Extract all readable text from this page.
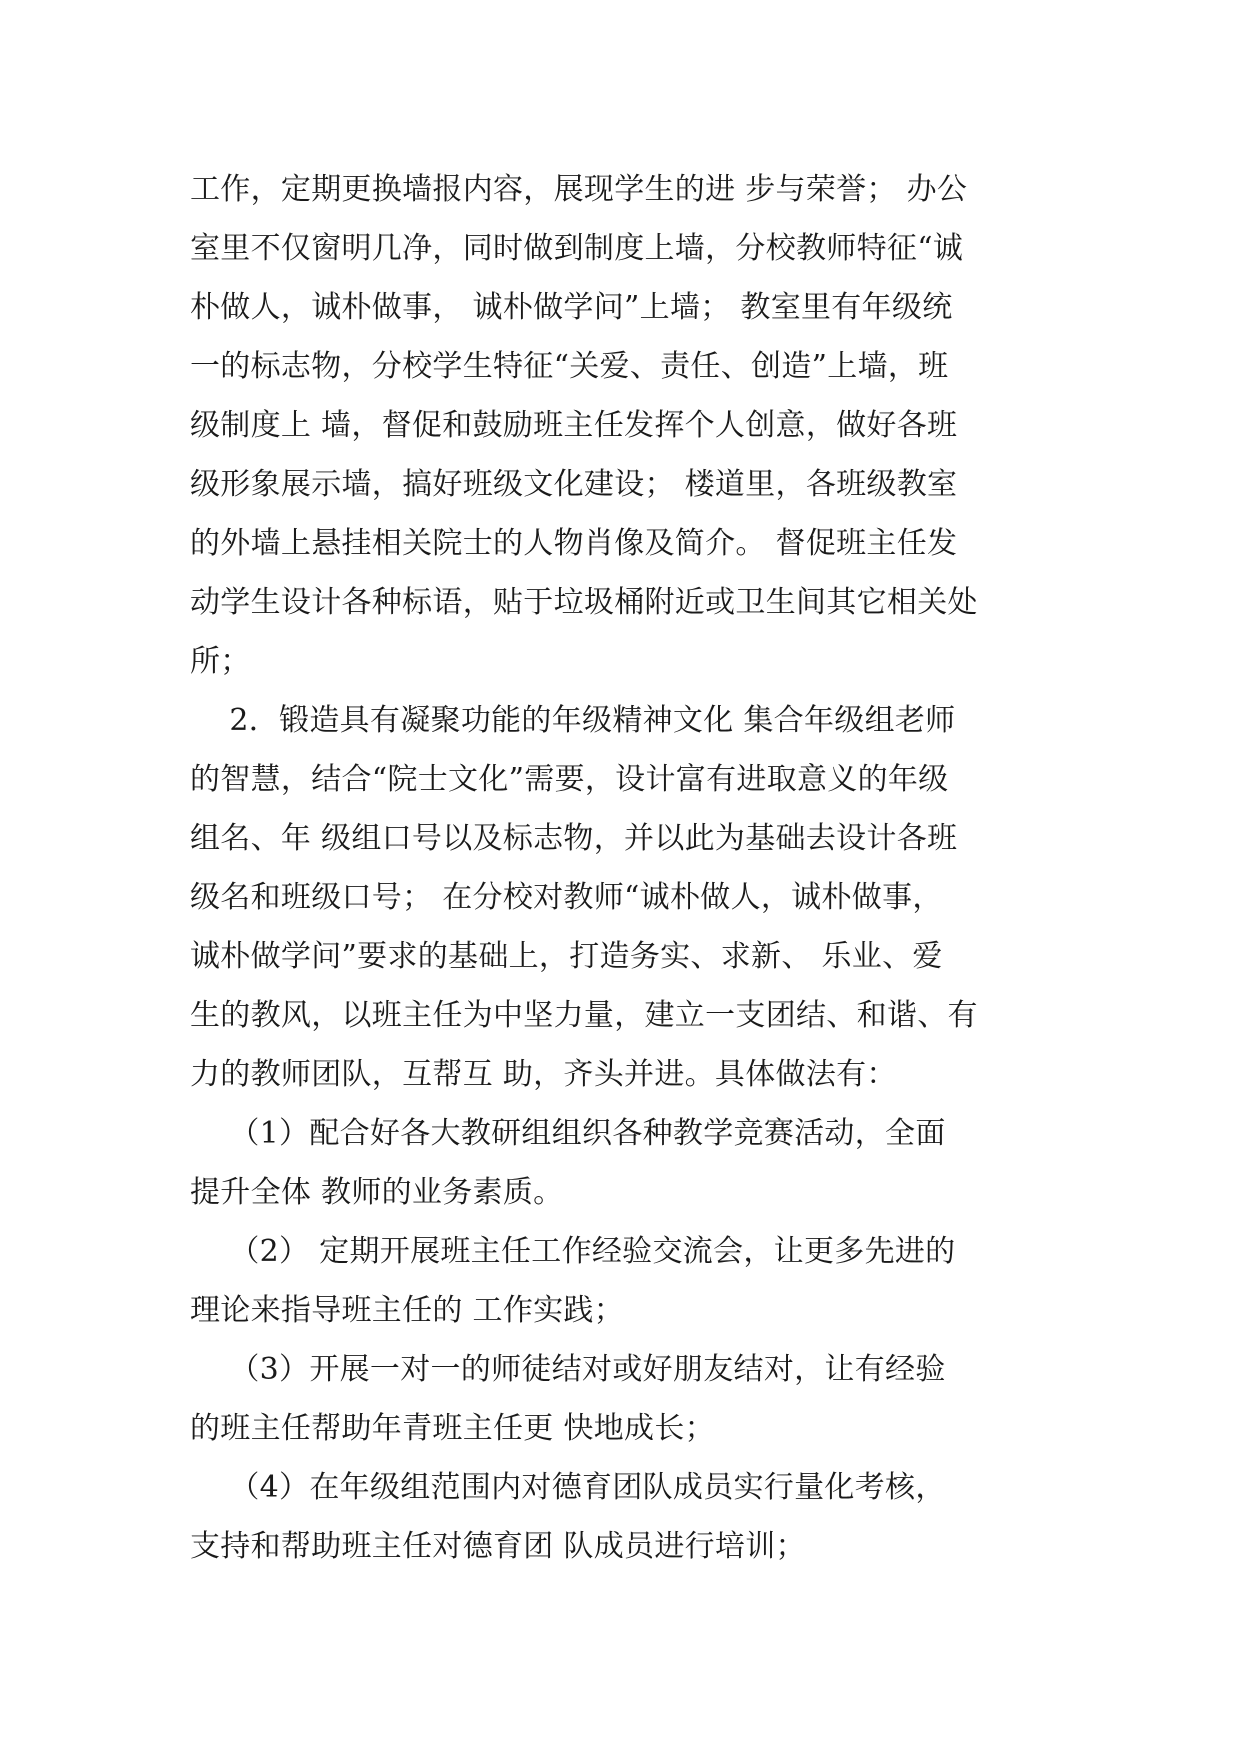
工作，定期更换墙报内容，展现学生的进 步与荣誉； 办公
室里不仅窗明几净，同时做到制度上墙，分校教师特征“诚
朴做人，诚朴做事， 诚朴做学问”上墙； 教室里有年级统
一的标志物，分校学生特征“关爱、责任、创造”上墙，班
级制度上 墙，督促和鼓励班主任发挥个人创意，做好各班
级形象展示墙，搞好班级文化建设； 楼道里，各班级教室
的外墙上悬挂相关院士的人物肖像及简介。 督促班主任发
动学生设计各种标语，贴于垃圾桶附近或卫生间其它相关处
所；
2．锻造具有凝聚功能的年级精神文化 集合年级组老师
的智慧，结合“院士文化”需要，设计富有进取意义的年级
组名、年 级组口号以及标志物，并以此为基础去设计各班
级名和班级口号； 在分校对教师“诚朴做人，诚朴做事，
诚朴做学问”要求的基础上，打造务实、求新、 乐业、爱
生的教风，以班主任为中坚力量，建立一支团结、和谐、有
力的教师团队，互帮互 助，齐头并进。具体做法有：
（1）配合好各大教研组组织各种教学竞赛活动，全面
提升全体 教师的业务素质。
（2） 定期开展班主任工作经验交流会，让更多先进的
理论来指导班主任的 工作实践；
（3）开展一对一的师徒结对或好朋友结对，让有经验
的班主任帮助年青班主任更 快地成长；
（4）在年级组范围内对德育团队成员实行量化考核，
支持和帮助班主任对德育团 队成员进行培训；
